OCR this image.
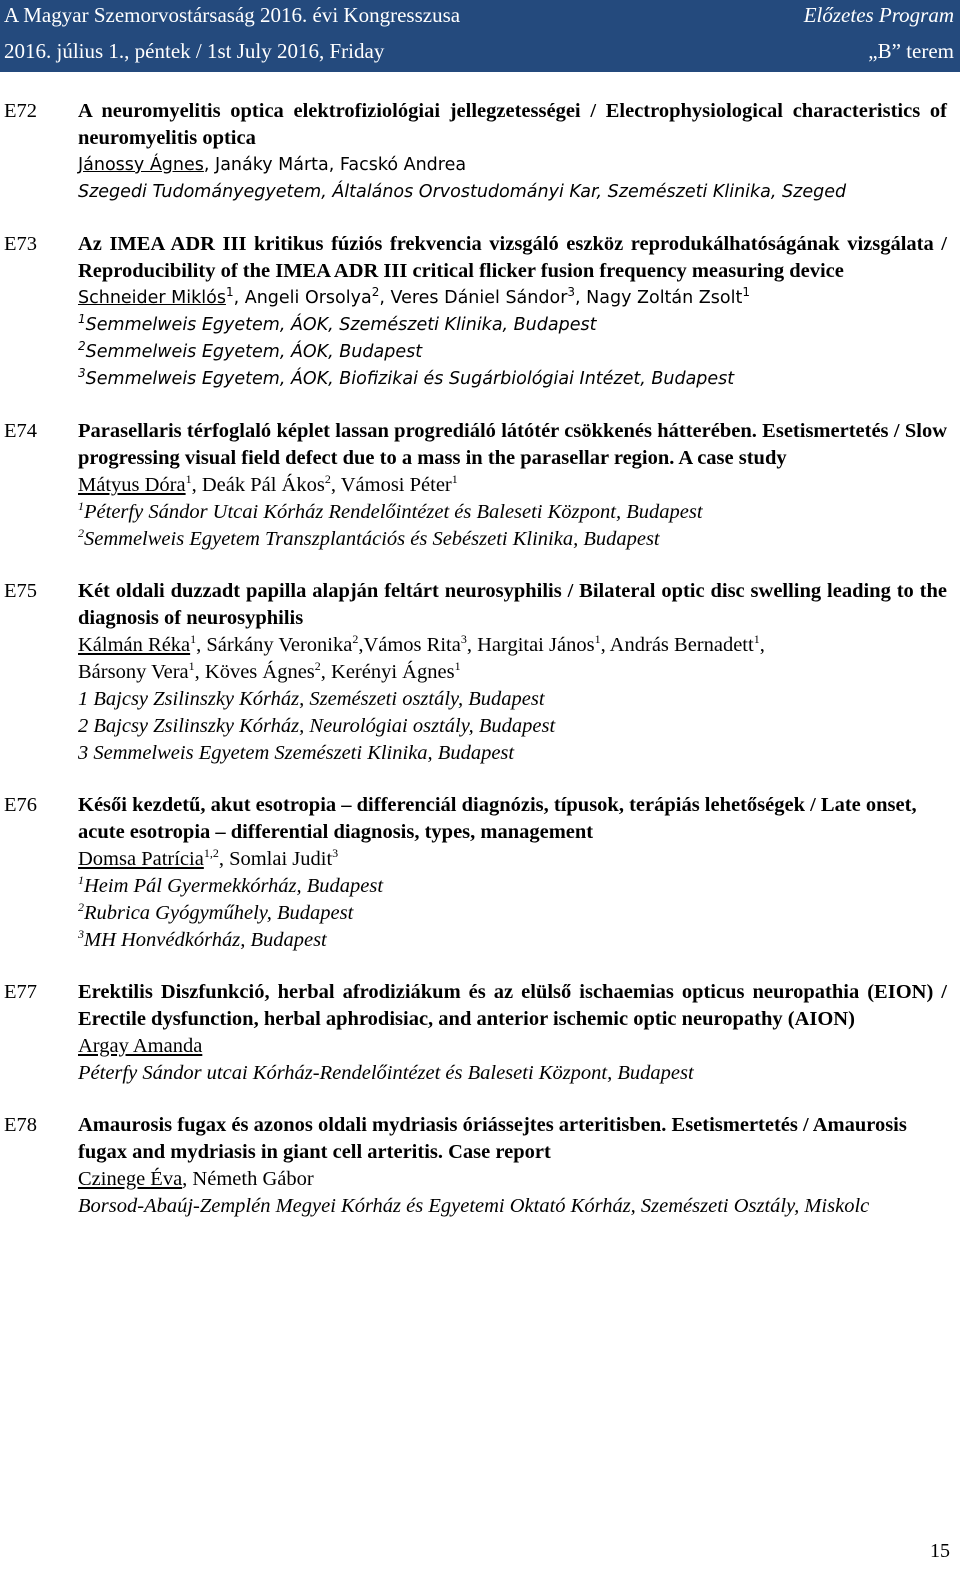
A Magyar Szemorvostársaság 2016. évi Kongresszusa	Előzetes Program
2016. július 1., péntek / 1st July 2016, Friday	„B” terem
E72 A neuromyelitis optica elektrofiziológiai jellegzetességei / Electrophysiological characteristics of neuromyelitis optica
Jánossy Ágnes, Janáky Márta, Facskó Andrea
Szegedi Tudományegyetem, Általános Orvostudományi Kar, Szemészeti Klinika, Szeged
E73 Az IMEA ADR III kritikus fúziós frekvencia vizsgáló eszköz reprodukálhatóságának vizsgálata / Reproducibility of the IMEA ADR III critical flicker fusion frequency measuring device
Schneider Miklós$^1$, Angeli Orsolya$^2$, Veres Dániel Sándor$^3$, Nagy Zoltán Zsolt$^1$
$^1$Semmelweis Egyetem, ÁOK, Szemészeti Klinika, Budapest
$^2$Semmelweis Egyetem, ÁOK, Budapest
$^3$Semmelweis Egyetem, ÁOK, Biofizikai és Sugárbiológiai Intézet, Budapest
E74 Parasellaris térfoglaló képlet lassan progrediáló látótér csökkenés hátterében. Esetismertetés / Slow progressing visual field defect due to a mass in the parasellar region. A case study
Mátyus Dóra$^1$, Deák Pál Ákos$^2$, Vámosi Péter$^1$
$^1$Péterfy Sándor Utcai Kórház Rendelőintézet és Baleseti Központ, Budapest
$^2$Semmelweis Egyetem Transzplantációs és Sebészeti Klinika, Budapest
E75 Két oldali duzzadt papilla alapján feltárt neurosyphilis / Bilateral optic disc swelling leading to the diagnosis of neurosyphilis
Kálmán Réka$^1$, Sárkány Veronika$^2$,Vámos Rita$^3$, Hargitai János$^1$, András Bernadett$^1$,
Bársony Vera$^1$, Köves Ágnes$^2$, Kerényi Ágnes$^1$
1 Bajcsy Zsilinszky Kórház, Szemészeti osztály, Budapest
2 Bajcsy Zsilinszky Kórház, Neurológiai osztály, Budapest
3 Semmelweis Egyetem Szemészeti Klinika, Budapest
E76 Késői kezdetű, akut esotropia – differenciál diagnózis, típusok, terápiás lehetőségek / Late onset, acute esotropia – differential diagnosis, types, management
Domsa Patrícia$^{1,2}$, Somlai Judit$^3$
$^1$Heim Pál Gyermekkórház, Budapest
$^2$Rubrica Gyógyműhely, Budapest
$^3$MH Honvédkórház, Budapest
E77 Erektilis Diszfunkció, herbal afrodiziákum és az elülső ischaemias opticus neuropathia (EION) / Erectile dysfunction, herbal aphrodisiac, and anterior ischemic optic neuropathy (AION)
Argay Amanda
Péterfy Sándor utcai Kórház-Rendelőintézet és Baleseti Központ, Budapest
E78 Amaurosis fugax és azonos oldali mydriasis óriássejtes arteritisben. Esetismertetés / Amaurosis fugax and mydriasis in giant cell arteritis. Case report
Czinege Éva, Németh Gábor
Borsod-Abaúj-Zemplén Megyei Kórház és Egyetemi Oktató Kórház, Szemészeti Osztály, Miskolc
15
